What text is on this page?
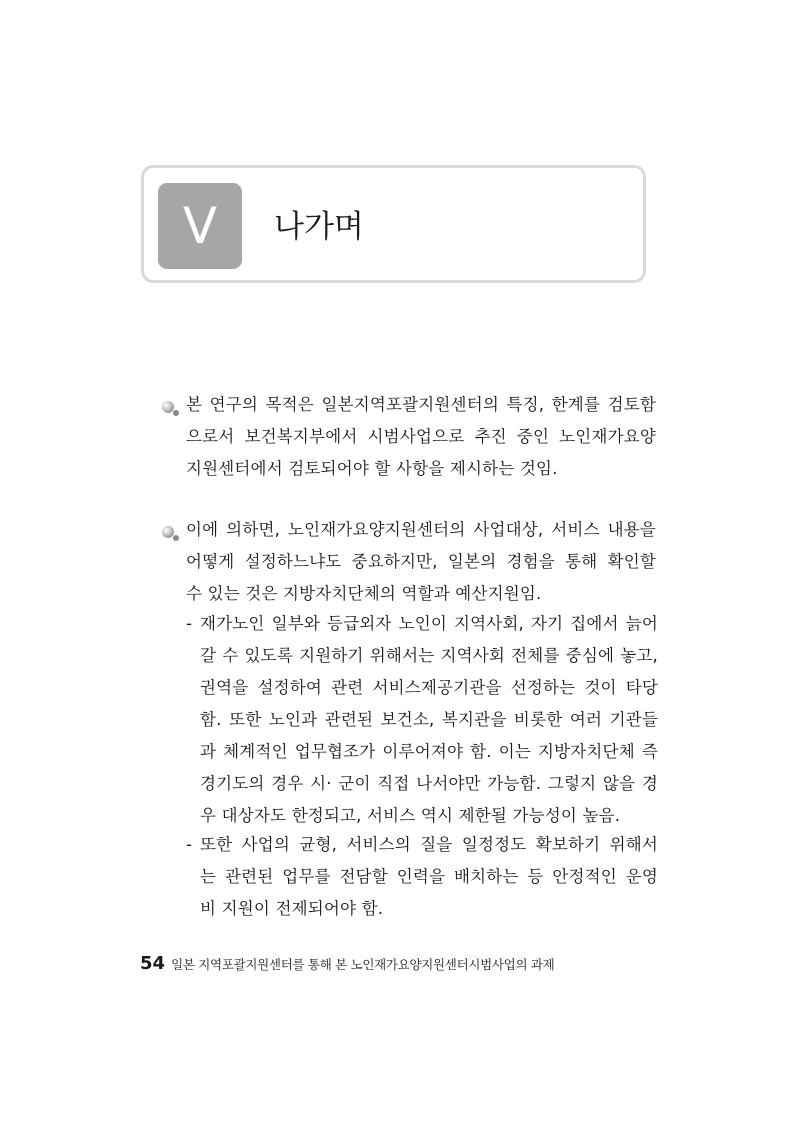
V	나가며
본 연구의 목적은 일본지역포괄지원센터의 특징, 한계를 검토함
으로서 보건복지부에서 시범사업으로 추진 중인 노인재가요양
지원센터에서 검토되어야 할 사항을 제시하는 것임.
이에 의하면, 노인재가요양지원센터의 사업대상, 서비스 내용을
어떻게 설정하느냐도 중요하지만, 일본의 경험을 통해 확인할
수 있는 것은 지방자치단체의 역할과 예산지원임.
- 재가노인 일부와 등급외자 노인이 지역사회, 자기 집에서 늙어
갈 수 있도록 지원하기 위해서는 지역사회 전체를 중심에 놓고,
권역을 설정하여 관련 서비스제공기관을 선정하는 것이 타당
함. 또한 노인과 관련된 보건소, 복지관을 비롯한 여러 기관들
과 체계적인 업무협조가 이루어져야 함. 이는 지방자치단체 즉
경기도의 경우 시· 군이 직접 나서야만 가능함. 그렇지 않을 경
우 대상자도 한정되고, 서비스 역시 제한될 가능성이 높음.
- 또한 사업의 균형, 서비스의 질을 일정정도 확보하기 위해서
는 관련된 업무를 전담할 인력을 배치하는 등 안정적인 운영
비 지원이 전제되어야 함.
54 일본 지역포괄지원센터를 통해 본 노인재가요양지원센터시범사업의 과제
